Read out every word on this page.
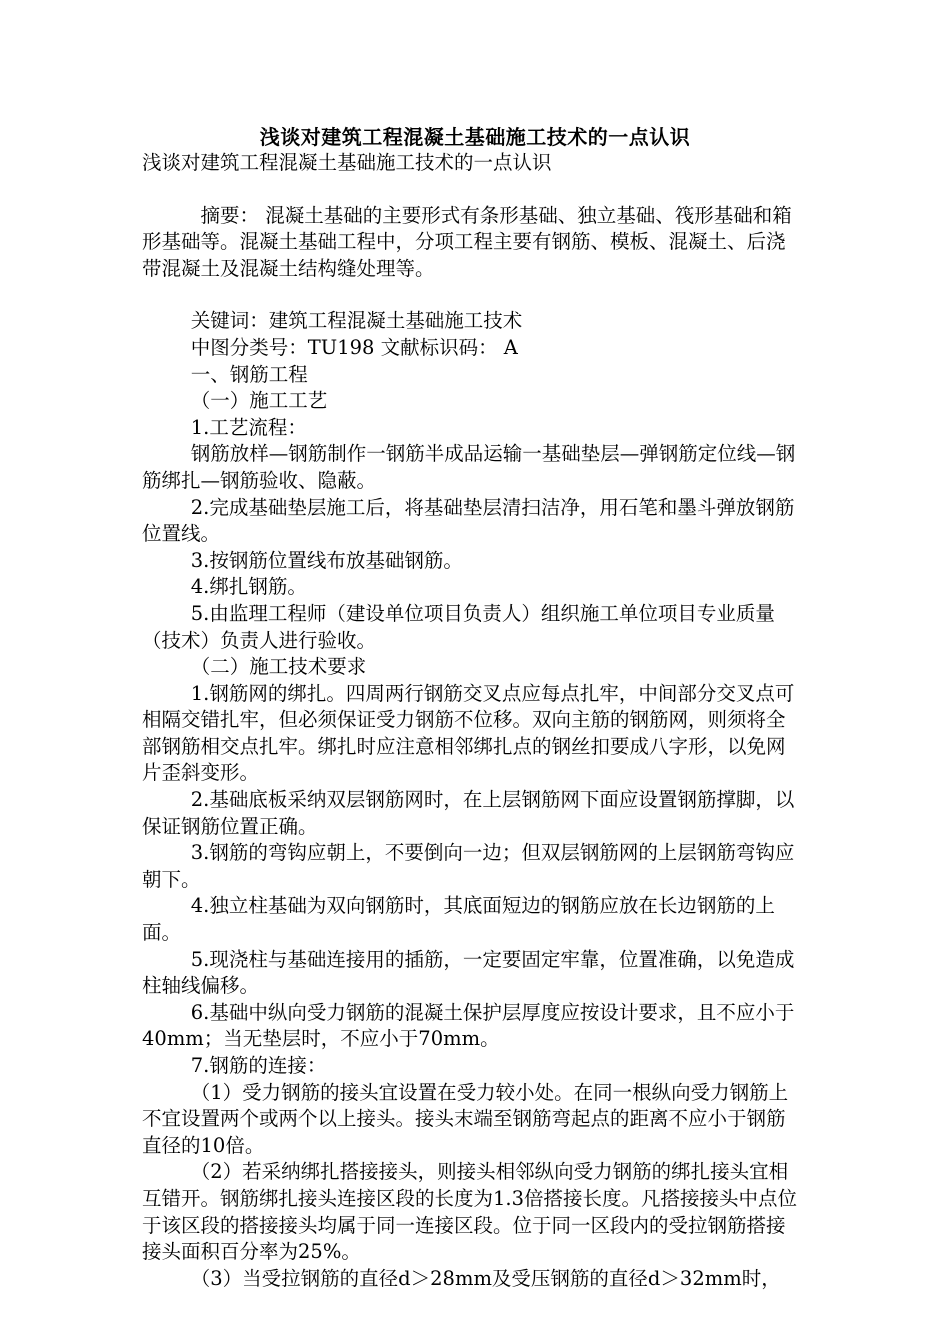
浅谈对建筑工程混凝土基础施工技术的一点认识

浅谈对建筑工程混凝土基础施工技术的一点认识

摘要： 混凝土基础的主要形式有条形基础、独立基础、筏形基础和箱形基础等。混凝土基础工程中，分项工程主要有钢筋、模板、混凝土、后浇带混凝土及混凝土结构缝处理等。

关键词：建筑工程混凝土基础施工技术

中图分类号：TU198 文献标识码： A

一、钢筋工程

（一）施工工艺

1.工艺流程：

钢筋放样—钢筋制作一钢筋半成品运输一基础垫层—弹钢筋定位线—钢筋绑扎—钢筋验收、隐蔽。

2.完成基础垫层施工后，将基础垫层清扫洁净，用石笔和墨斗弹放钢筋位置线。

3.按钢筋位置线布放基础钢筋。

4.绑扎钢筋。

5.由监理工程师（建设单位项目负责人）组织施工单位项目专业质量（技术）负责人进行验收。

（二）施工技术要求

1.钢筋网的绑扎。四周两行钢筋交叉点应每点扎牢，中间部分交叉点可相隔交错扎牢，但必须保证受力钢筋不位移。双向主筋的钢筋网，则须将全部钢筋相交点扎牢。绑扎时应注意相邻绑扎点的钢丝扣要成八字形，以免网片歪斜变形。

2.基础底板采纳双层钢筋网时，在上层钢筋网下面应设置钢筋撑脚，以保证钢筋位置正确。

3.钢筋的弯钩应朝上，不要倒向一边；但双层钢筋网的上层钢筋弯钩应朝下。

4.独立柱基础为双向钢筋时，其底面短边的钢筋应放在长边钢筋的上面。

5.现浇柱与基础连接用的插筋，一定要固定牢靠，位置准确，以免造成柱轴线偏移。

6.基础中纵向受力钢筋的混凝土保护层厚度应按设计要求，且不应小于40mm；当无垫层时，不应小于70mm。

7.钢筋的连接：

（1）受力钢筋的接头宜设置在受力较小处。在同一根纵向受力钢筋上不宜设置两个或两个以上接头。接头末端至钢筋弯起点的距离不应小于钢筋直径的10倍。

（2）若采纳绑扎搭接接头，则接头相邻纵向受力钢筋的绑扎接头宜相互错开。钢筋绑扎接头连接区段的长度为1.3倍搭接长度。凡搭接接头中点位于该区段的搭接接头均属于同一连接区段。位于同一区段内的受拉钢筋搭接接头面积百分率为25%。

（3）当受拉钢筋的直径d＞28mm及受压钢筋的直径d＞32mm时，
